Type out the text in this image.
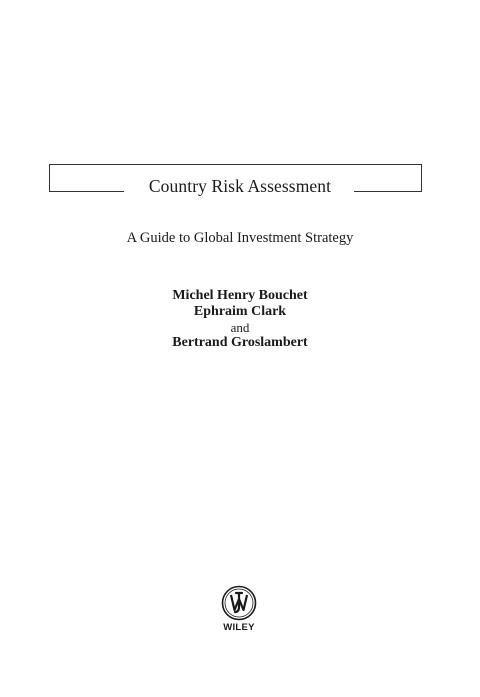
Country Risk Assessment
A Guide to Global Investment Strategy
Michel Henry Bouchet
Ephraim Clark
and
Bertrand Groslambert
WILEY
